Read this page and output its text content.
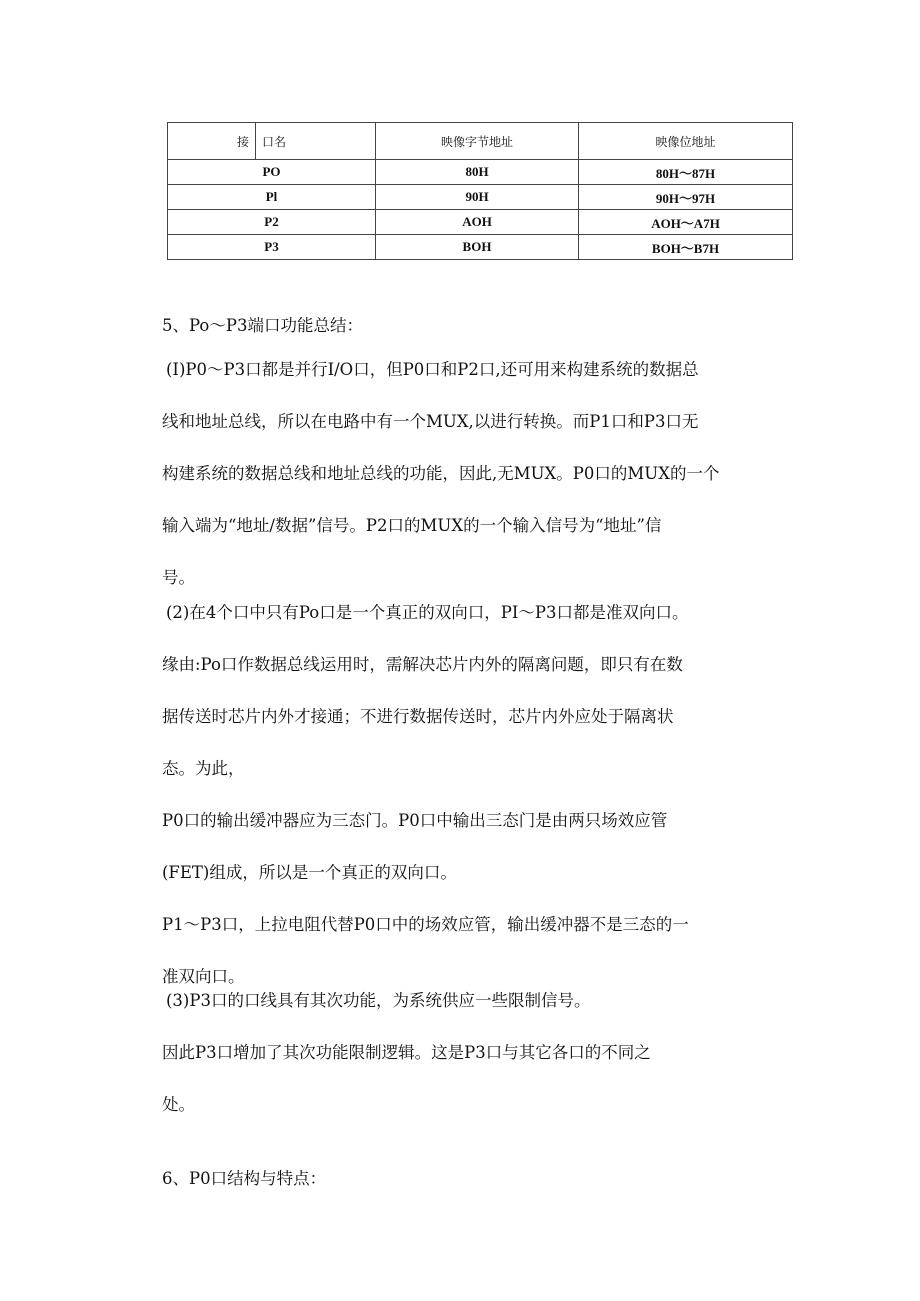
接	口名	映像字节地址	映像位地址
PO		80H	80H～87H
Pl		90H	90H～97H
P2		AOH	AOH～A7H
P3		BOH	BOH～B7H

5、Po～P3端口功能总结：

(I)P0～P3口都是并行I/O口，但P0口和P2口,还可用来构建系统的数据总
线和地址总线，所以在电路中有一个MUX,以进行转换。而P1口和P3口无
构建系统的数据总线和地址总线的功能，因此,无MUX。P0口的MUX的一个
输入端为“地址/数据”信号。P2口的MUX的一个输入信号为“地址”信
号。
(2)在4个口中只有Po口是一个真正的双向口，PI～P3口都是准双向口。
缘由:Po口作数据总线运用时，需解决芯片内外的隔离问题，即只有在数
据传送时芯片内外才接通；不进行数据传送时，芯片内外应处于隔离状
态。为此，
P0口的输出缓冲器应为三态门。P0口中输出三态门是由两只场效应管
(FET)组成，所以是一个真正的双向口。
P1～P3口，上拉电阻代替P0口中的场效应管，输出缓冲器不是三态的一
准双向口。
(3)P3口的口线具有其次功能，为系统供应一些限制信号。
因此P3口增加了其次功能限制逻辑。这是P3口与其它各口的不同之
处。

6、P0口结构与特点：
